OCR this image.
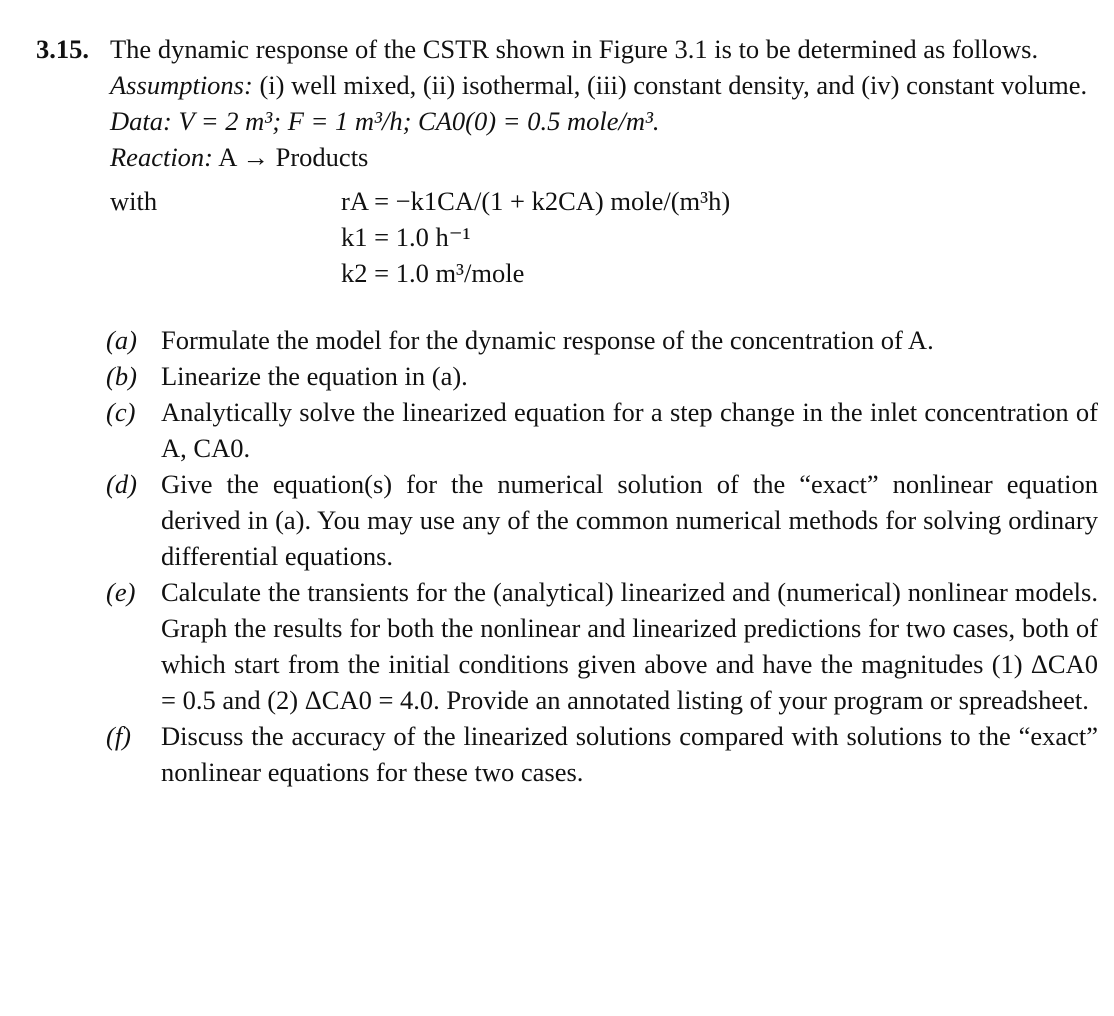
3.15. The dynamic response of the CSTR shown in Figure 3.1 is to be determined as follows.
Assumptions: (i) well mixed, (ii) isothermal, (iii) constant density, and (iv) constant volume.
Data: V = 2 m³; F = 1 m³/h; CA0(0) = 0.5 mole/m³.
Reaction: A → Products
with	rA = −k1CA/(1 + k2CA) mole/(m³h)
k1 = 1.0 h⁻¹
k2 = 1.0 m³/mole
(a) Formulate the model for the dynamic response of the concentration of A.
(b) Linearize the equation in (a).
(c) Analytically solve the linearized equation for a step change in the inlet concentration of A, CA0.
(d) Give the equation(s) for the numerical solution of the “exact” nonlinear equation derived in (a). You may use any of the common numerical methods for solving ordinary differential equations.
(e) Calculate the transients for the (analytical) linearized and (numerical) nonlinear models. Graph the results for both the nonlinear and linearized predictions for two cases, both of which start from the initial conditions given above and have the magnitudes (1) ΔCA0 = 0.5 and (2) ΔCA0 = 4.0. Provide an annotated listing of your program or spreadsheet.
(f) Discuss the accuracy of the linearized solutions compared with solutions to the “exact” nonlinear equations for these two cases.
